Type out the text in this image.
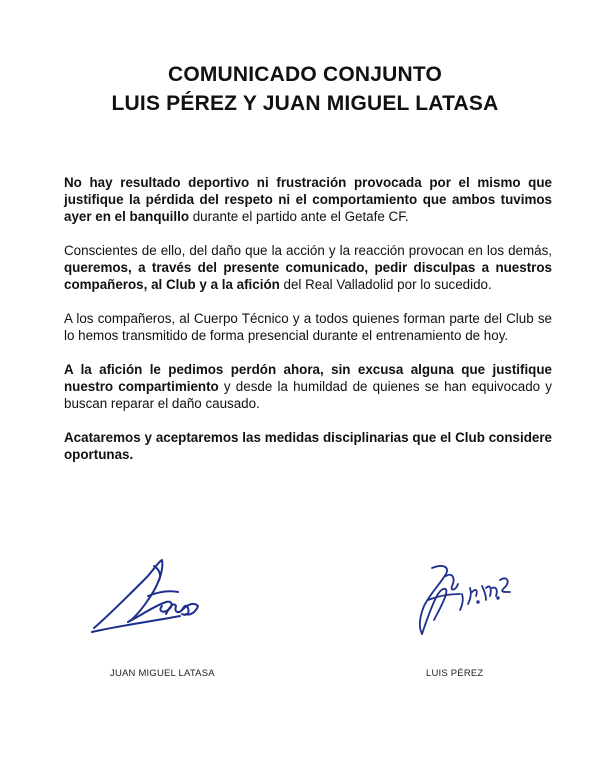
COMUNICADO CONJUNTO
LUIS PÉREZ Y JUAN MIGUEL LATASA

No hay resultado deportivo ni frustración provocada por el mismo que justifique la pérdida del respeto ni el comportamiento que ambos tuvimos ayer en el banquillo durante el partido ante el Getafe CF.

Conscientes de ello, del daño que la acción y la reacción provocan en los demás, queremos, a través del presente comunicado, pedir disculpas a nuestros compañeros, al Club y a la afición del Real Valladolid por lo sucedido.

A los compañeros, al Cuerpo Técnico y a todos quienes forman parte del Club se lo hemos transmitido de forma presencial durante el entrenamiento de hoy.

A la afición le pedimos perdón ahora, sin excusa alguna que justifique nuestro compartimiento y desde la humildad de quienes se han equivocado y buscan reparar el daño causado.

Acataremos y aceptaremos las medidas disciplinarias que el Club considere oportunas.

JUAN MIGUEL LATASA	LUIS PÉREZ
